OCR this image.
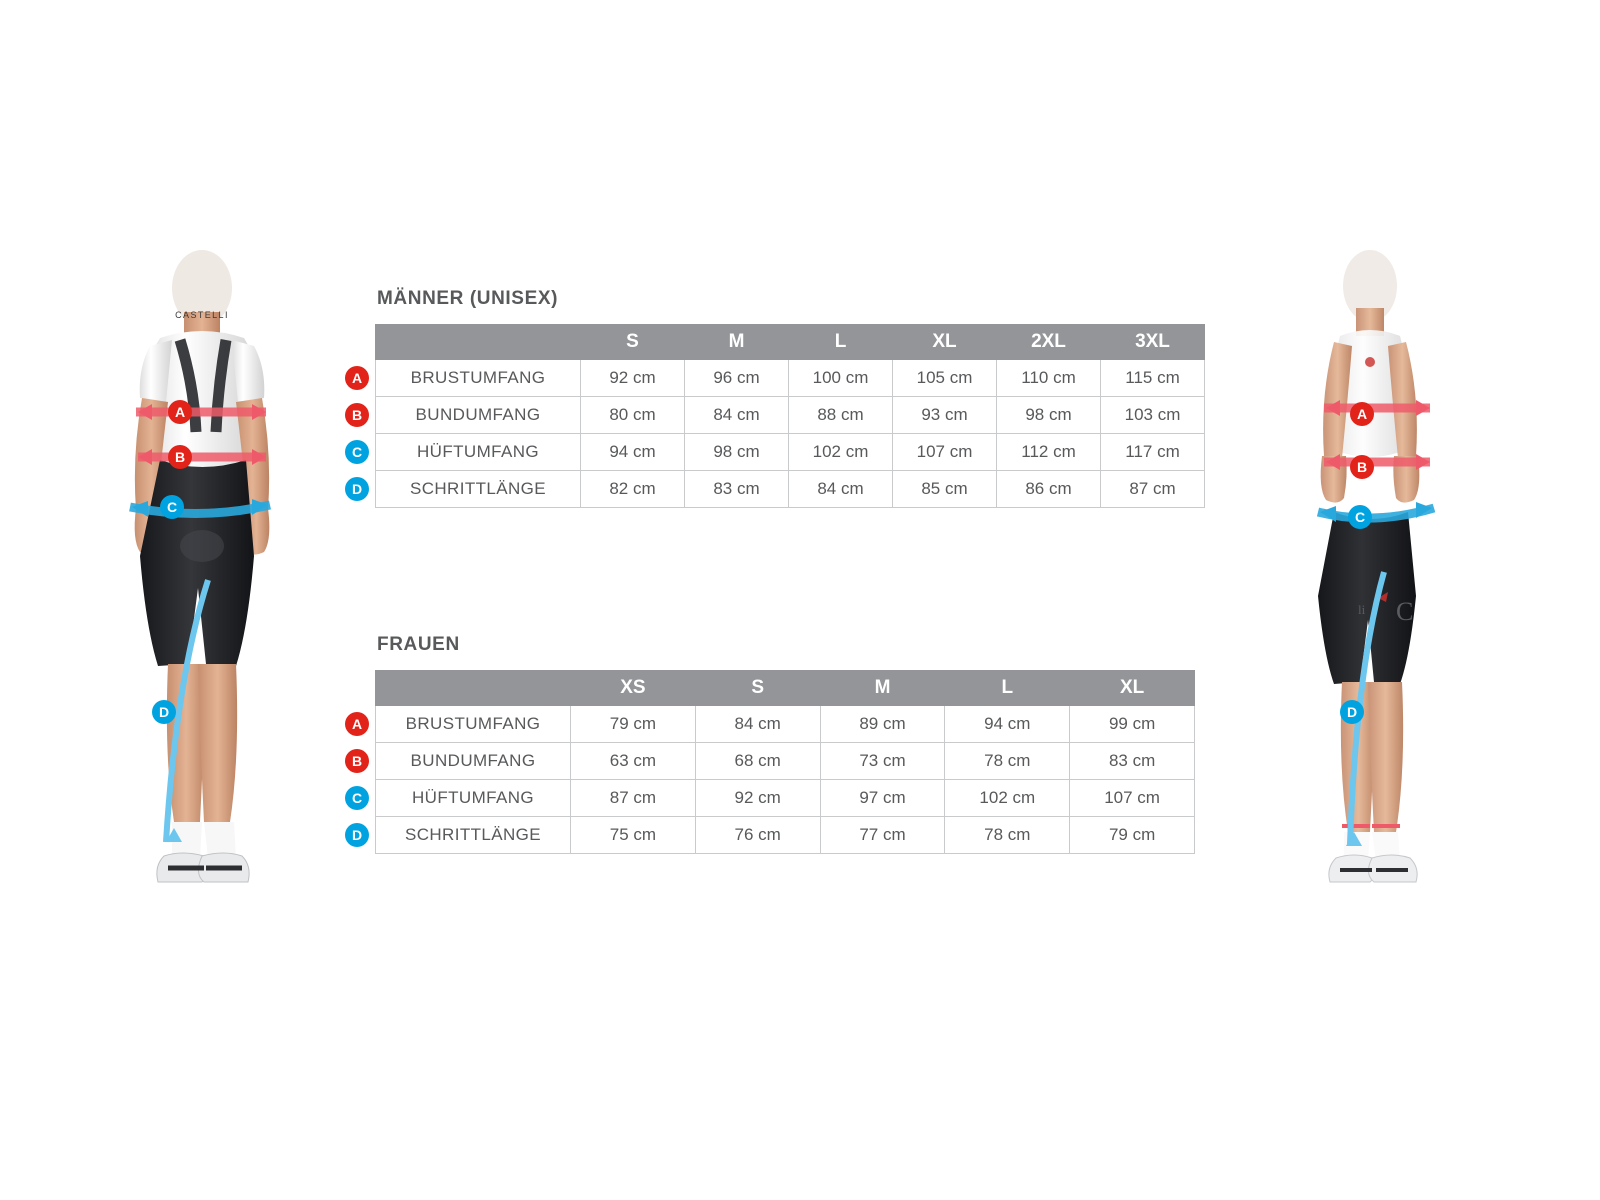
CASTELLI
A
B
C
D
C
li
A
B
C
D
MÄNNER (UNISEX)
	S	M	L	XL	2XL	3XL
BRUSTUMFANG	92 cm	96 cm	100 cm	105 cm	110 cm	115 cm
BUNDUMFANG	80 cm	84 cm	88 cm	93 cm	98 cm	103 cm
HÜFTUMFANG	94 cm	98 cm	102 cm	107 cm	112 cm	117 cm
SCHRITTLÄNGE	82 cm	83 cm	84 cm	85 cm	86 cm	87 cm
A
B
C
D
FRAUEN
	XS	S	M	L	XL
BRUSTUMFANG	79 cm	84 cm	89 cm	94 cm	99 cm
BUNDUMFANG	63 cm	68 cm	73 cm	78 cm	83 cm
HÜFTUMFANG	87 cm	92 cm	97 cm	102 cm	107 cm
SCHRITTLÄNGE	75 cm	76 cm	77 cm	78 cm	79 cm
A
B
C
D
